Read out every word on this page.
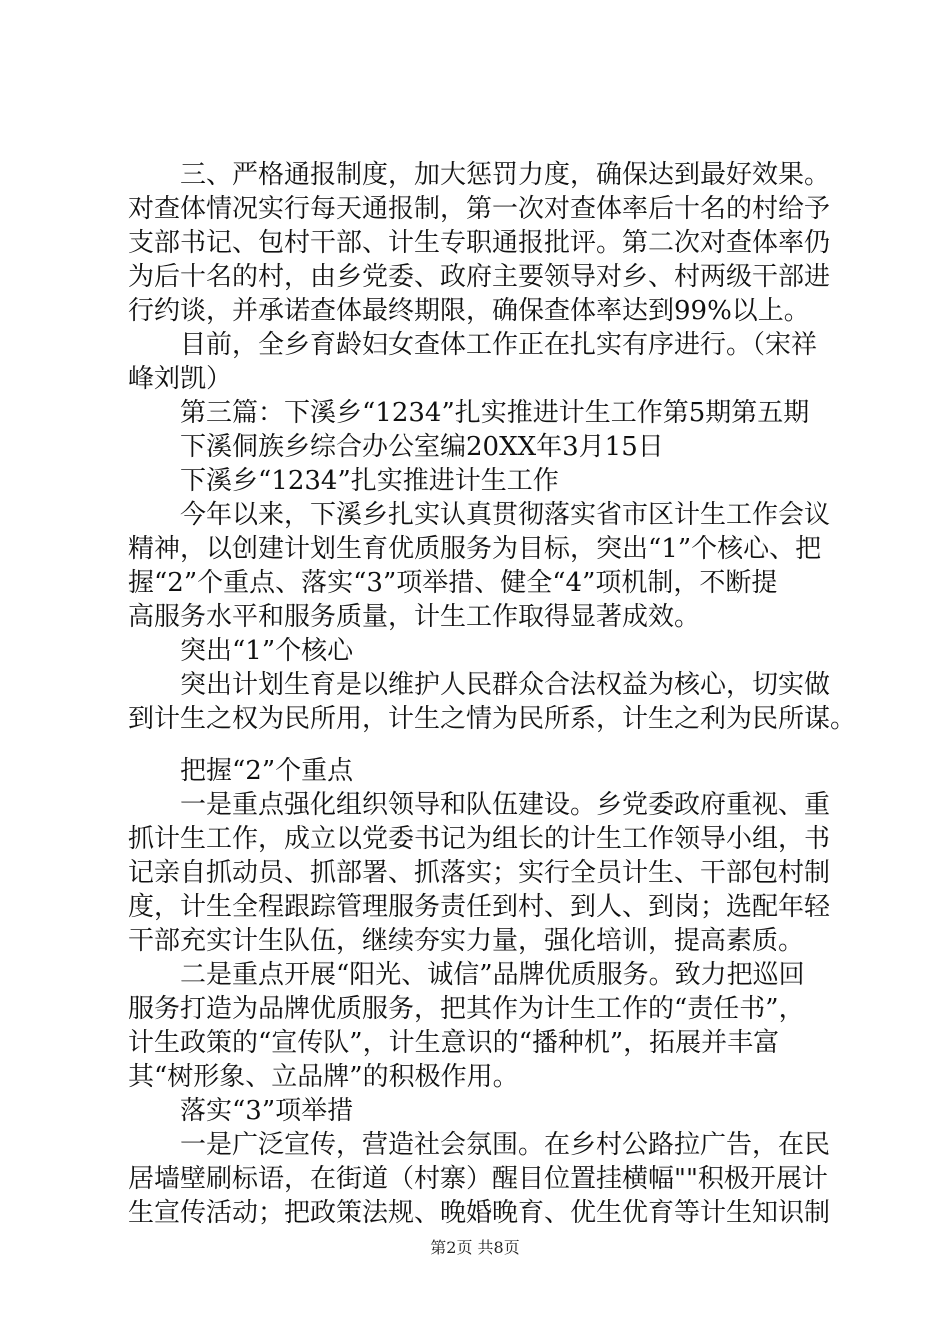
　　三、严格通报制度，加大惩罚力度，确保达到最好效果。

对查体情况实行每天通报制，第一次对查体率后十名的村给予

支部书记、包村干部、计生专职通报批评。第二次对查体率仍

为后十名的村，由乡党委、政府主要领导对乡、村两级干部进

行约谈，并承诺查体最终期限，确保查体率达到99%以上。

　　目前，全乡育龄妇女查体工作正在扎实有序进行。（宋祥

峰刘凯）

　　第三篇：下溪乡“1234”扎实推进计生工作第5期第五期

　　下溪侗族乡综合办公室编20XX年3月15日

　　下溪乡“1234”扎实推进计生工作

　　今年以来，下溪乡扎实认真贯彻落实省市区计生工作会议

精神，以创建计划生育优质服务为目标，突出“1”个核心、把

握“2”个重点、落实“3”项举措、健全“4”项机制，不断提

高服务水平和服务质量，计生工作取得显著成效。

　　突出“1”个核心

　　突出计划生育是以维护人民群众合法权益为核心，切实做

到计生之权为民所用，计生之情为民所系，计生之利为民所谋。

　　把握“2”个重点

　　一是重点强化组织领导和队伍建设。乡党委政府重视、重

抓计生工作，成立以党委书记为组长的计生工作领导小组，书

记亲自抓动员、抓部署、抓落实；实行全员计生、干部包村制

度，计生全程跟踪管理服务责任到村、到人、到岗；选配年轻

干部充实计生队伍，继续夯实力量，强化培训，提高素质。

　　二是重点开展“阳光、诚信”品牌优质服务。致力把巡回

服务打造为品牌优质服务，把其作为计生工作的“责任书”，

计生政策的“宣传队”，计生意识的“播种机”，拓展并丰富

其“树形象、立品牌”的积极作用。

　　落实“3”项举措

　　一是广泛宣传，营造社会氛围。在乡村公路拉广告，在民

居墙壁刷标语，在街道（村寨）醒目位置挂横幅""积极开展计

生宣传活动；把政策法规、晚婚晚育、优生优育等计生知识制

第2页 共8页
